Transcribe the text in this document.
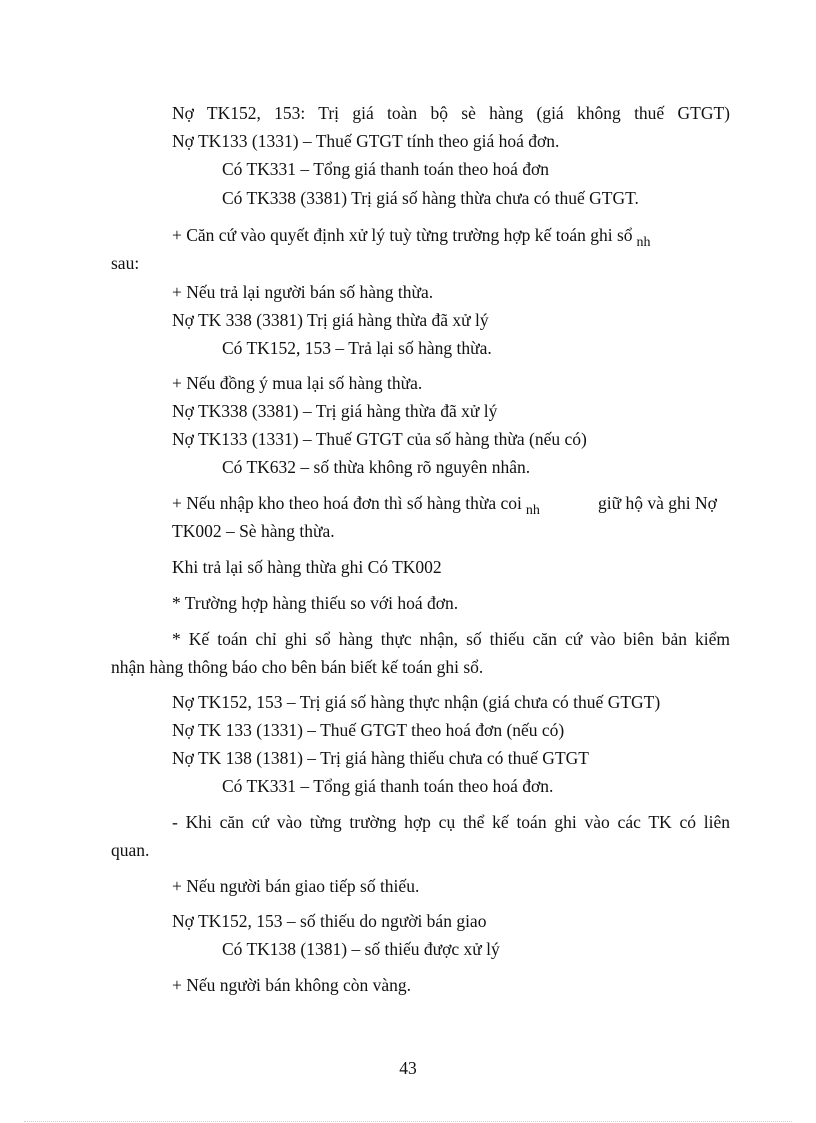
Nợ TK152, 153: Trị giá toàn bộ sè hàng (giá không thuế GTGT)

Nợ TK133 (1331) – Thuế GTGT tính theo giá hoá đơn.

Có TK331 – Tổng giá thanh toán theo hoá đơn

Có TK338 (3381) Trị giá số hàng thừa chưa có thuế GTGT.

+ Căn cứ vào quyết định xử lý tuỳ từng trường hợp kế toán ghi sổ $_{nh}$

sau:

+ Nếu trả lại người bán số hàng thừa.

Nợ TK 338 (3381) Trị giá hàng thừa đã xử lý

Có TK152, 153 – Trả lại số hàng thừa.

+ Nếu đồng ý mua lại số hàng thừa.

Nợ TK338 (3381) – Trị giá hàng thừa đã xử lý

Nợ TK133 (1331) – Thuế GTGT của số hàng thừa (nếu có)

Có TK632 – số thừa không rõ nguyên nhân.

+ Nếu nhập kho theo hoá đơn thì số hàng thừa coi $_{nh}$	giữ hộ và ghi Nợ

TK002 – Sè hàng thừa.

Khi trả lại số hàng thừa ghi Có TK002

* Trường hợp hàng thiếu so với hoá đơn.

* Kế toán chỉ ghi sổ hàng thực nhận, số thiếu căn cứ vào biên bản kiểm

nhận hàng thông báo cho bên bán biết kế toán ghi sổ.

Nợ TK152, 153 – Trị giá số hàng thực nhận (giá chưa có thuế GTGT)

Nợ TK 133 (1331) – Thuế GTGT theo hoá đơn (nếu có)

Nợ TK 138 (1381) – Trị giá hàng thiếu chưa có thuế GTGT

Có TK331 – Tổng giá thanh toán theo hoá đơn.

- Khi căn cứ vào từng trường hợp cụ thể kế toán ghi vào các TK có liên

quan.

+ Nếu người bán giao tiếp số thiếu.

Nợ TK152, 153 – số thiếu do người bán giao

Có TK138 (1381) – số thiếu được xử lý

+ Nếu người bán không còn vàng.

43
